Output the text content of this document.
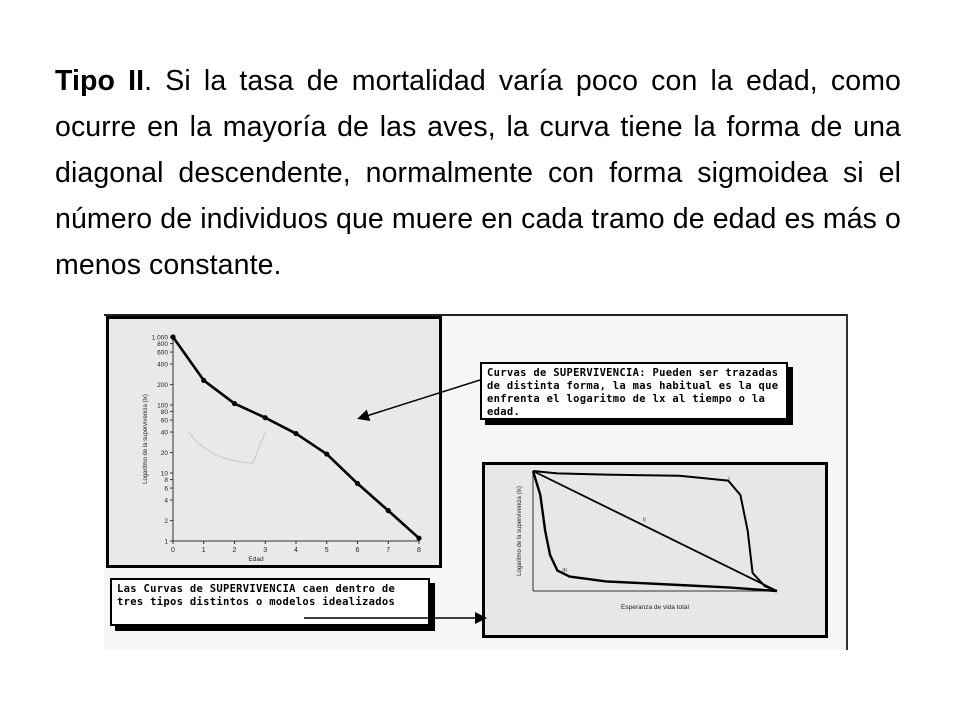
Tipo II. Si la tasa de mortalidad varía poco con la edad, como ocurre en la mayoría de las aves, la curva tiene la forma de una diagonal descendente, normalmente con forma sigmoidea si el número de individuos que muere en cada tramo de edad es más o menos constante.
1.000
800
600
400
200
100
80
60
40
20
10
8
6
4
2
1
0	1	2	3	4	5	6	7	8
Edad
Logaritmo de la supervivencia (lx)
Esperanza de vida total
Logaritmo de la supervivencia (lx)
I
II
III
Curvas de SUPERVIVENCIA: Pueden ser trazadas de distinta forma, la mas habitual es la que enfrenta el logaritmo de lx al tiempo o la edad.
Las Curvas de SUPERVIVENCIA caen dentro de tres tipos distintos o modelos idealizados
